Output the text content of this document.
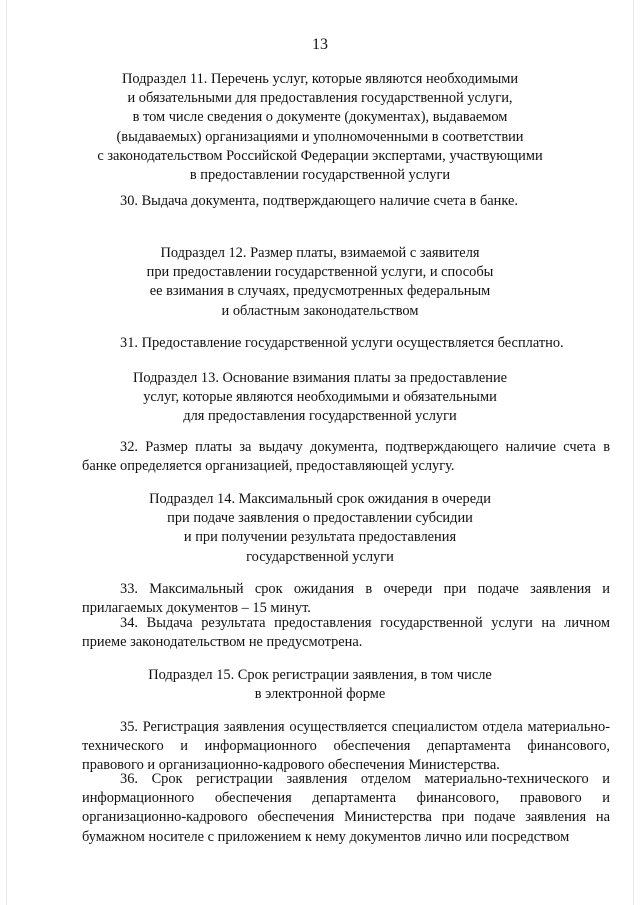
13
Подраздел 11. Перечень услуг, которые являются необходимыми
и обязательными для предоставления государственной услуги,
в том числе сведения о документе (документах), выдаваемом
(выдаваемых) организациями и уполномоченными в соответствии
с законодательством Российской Федерации экспертами, участвующими
в предоставлении государственной услуги

30. Выдача документа, подтверждающего наличие счета в банке.

Подраздел 12. Размер платы, взимаемой с заявителя
при предоставлении государственной услуги, и способы
ее взимания в случаях, предусмотренных федеральным
и областным законодательством

31. Предоставление государственной услуги осуществляется бесплатно.

Подраздел 13. Основание взимания платы за предоставление
услуг, которые являются необходимыми и обязательными
для предоставления государственной услуги

32. Размер платы за выдачу документа, подтверждающего наличие счета в банке определяется организацией, предоставляющей услугу.

Подраздел 14. Максимальный срок ожидания в очереди
при подаче заявления о предоставлении субсидии
и при получении результата предоставления
государственной услуги

33. Максимальный срок ожидания в очереди при подаче заявления и прилагаемых документов – 15 минут.

34. Выдача результата предоставления государственной услуги на личном приеме законодательством не предусмотрена.

Подраздел 15. Срок регистрации заявления, в том числе
в электронной форме

35. Регистрация заявления осуществляется специалистом отдела материально-технического и информационного обеспечения департамента финансового, правового и организационно-кадрового обеспечения Министерства.

36. Срок регистрации заявления отделом материально-технического и информационного обеспечения департамента финансового, правового и организационно-кадрового обеспечения Министерства при подаче заявления на бумажном носителе с приложением к нему документов лично или посредством
